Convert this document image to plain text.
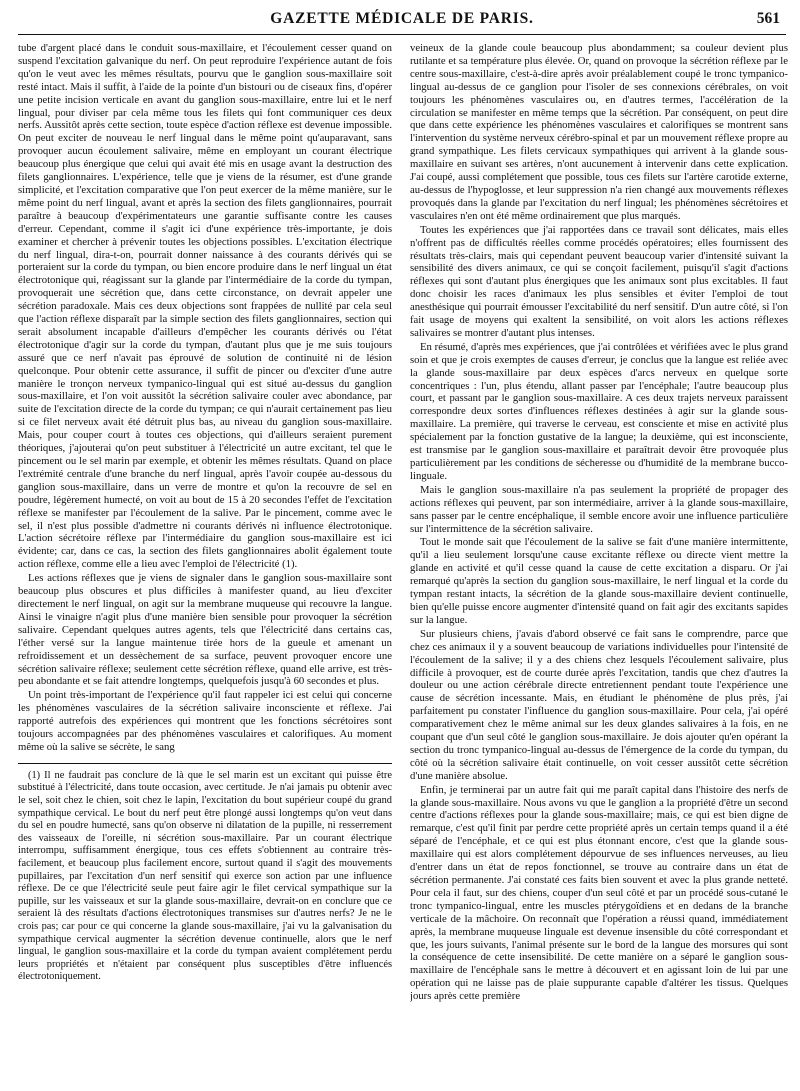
GAZETTE MÉDICALE DE PARIS.	561

tube d'argent placé dans le conduit sous-maxillaire, et l'écoulement cesser quand on suspend l'excitation galvanique du nerf. On peut reproduire l'expérience autant de fois qu'on le veut avec les mêmes résultats, pourvu que le ganglion sous-maxillaire soit resté intact. Mais il suffit, à l'aide de la pointe d'un bistouri ou de ciseaux fins, d'opérer une petite incision verticale en avant du ganglion sous-maxillaire, entre lui et le nerf lingual, pour diviser par cela même tous les filets qui font communiquer ces deux nerfs. Aussitôt après cette section, toute espèce d'action réflexe est devenue impossible. On peut exciter de nouveau le nerf lingual dans le même point qu'auparavant, sans provoquer aucun écoulement salivaire, même en employant un courant électrique beaucoup plus énergique que celui qui avait été mis en usage avant la destruction des filets ganglionnaires. L'expérience, telle que je viens de la résumer, est d'une grande simplicité, et l'excitation comparative que l'on peut exercer de la même manière, sur le même point du nerf lingual, avant et après la section des filets ganglionnaires, pourrait paraître à beaucoup d'expérimentateurs une garantie suffisante contre les causes d'erreur. Cependant, comme il s'agit ici d'une expérience très-importante, je dois examiner et chercher à prévenir toutes les objections possibles. L'excitation électrique du nerf lingual, dira-t-on, pourrait donner naissance à des courants dérivés qui se porteraient sur la corde du tympan, ou bien encore produire dans le nerf lingual un état électrotonique qui, réagissant sur la glande par l'intermédiaire de la corde du tympan, provoquerait une sécrétion que, dans cette circonstance, on devrait appeler une sécrétion paradoxale. Mais ces deux objections sont frappées de nullité par cela seul que l'action réflexe disparaît par la simple section des filets ganglionnaires, section qui serait absolument incapable d'ailleurs d'empêcher les courants dérivés ou l'état électrotonique d'agir sur la corde du tympan, d'autant plus que je me suis toujours assuré que ce nerf n'avait pas éprouvé de solution de continuité ni de lésion quelconque. Pour obtenir cette assurance, il suffit de pincer ou d'exciter d'une autre manière le tronçon nerveux tympanico-lingual qui est situé au-dessus du ganglion sous-maxillaire, et l'on voit aussitôt la sécrétion salivaire couler avec abondance, par suite de l'excitation directe de la corde du tympan; ce qui n'aurait certainement pas lieu si ce filet nerveux avait été détruit plus bas, au niveau du ganglion sous-maxillaire. Mais, pour couper court à toutes ces objections, qui d'ailleurs seraient purement théoriques, j'ajouterai qu'on peut substituer à l'électricité un autre excitant, tel que le pincement ou le sel marin par exemple, et obtenir les mêmes résultats. Quand on place l'extrémité centrale d'une branche du nerf lingual, après l'avoir coupée au-dessous du ganglion sous-maxillaire, dans un verre de montre et qu'on la recouvre de sel en poudre, légèrement humecté, on voit au bout de 15 à 20 secondes l'effet de l'excitation réflexe se manifester par l'écoulement de la salive. Par le pincement, comme avec le sel, il n'est plus possible d'admettre ni courants dérivés ni influence électrotonique. L'action sécrétoire réflexe par l'intermédiaire du ganglion sous-maxillaire est ici évidente; car, dans ce cas, la section des filets ganglionnaires abolit également toute action réflexe, comme elle a lieu avec l'emploi de l'électricité (1).

Les actions réflexes que je viens de signaler dans le ganglion sous-maxillaire sont beaucoup plus obscures et plus difficiles à manifester quand, au lieu d'exciter directement le nerf lingual, on agit sur la membrane muqueuse qui recouvre la langue. Ainsi le vinaigre n'agit plus d'une manière bien sensible pour provoquer la sécrétion salivaire. Cependant quelques autres agents, tels que l'électricité dans certains cas, l'éther versé sur la langue maintenue tirée hors de la gueule et amenant un refroidissement et un dessèchement de sa surface, peuvent provoquer encore une sécrétion salivaire réflexe; seulement cette sécrétion réflexe, quand elle arrive, est très-peu abondante et se fait attendre longtemps, quelquefois jusqu'à 60 secondes et plus.

Un point très-important de l'expérience qu'il faut rappeler ici est celui qui concerne les phénomènes vasculaires de la sécrétion salivaire inconsciente et réflexe. J'ai rapporté autrefois des expériences qui montrent que les fonctions sécrétoires sont toujours accompagnées par des phénomènes vasculaires et calorifiques. Au moment même où la salive se sécrète, le sang

(1) Il ne faudrait pas conclure de là que le sel marin est un excitant qui puisse être substitué à l'électricité, dans toute occasion, avec certitude. Je n'ai jamais pu obtenir avec le sel, soit chez le chien, soit chez le lapin, l'excitation du bout supérieur coupé du grand sympathique cervical. Le bout du nerf peut être plongé aussi longtemps qu'on veut dans du sel en poudre humecté, sans qu'on observe ni dilatation de la pupille, ni resserrement des vaisseaux de l'oreille, ni sécrétion sous-maxillaire. Par un courant électrique interrompu, suffisamment énergique, tous ces effets s'obtiennent au contraire très-facilement, et beaucoup plus facilement encore, surtout quand il s'agit des mouvements pupillaires, par l'excitation d'un nerf sensitif qui exerce son action par une influence réflexe. De ce que l'électricité seule peut faire agir le filet cervical sympathique sur la pupille, sur les vaisseaux et sur la glande sous-maxillaire, devrait-on en conclure que ce seraient là des résultats d'actions électrotoniques transmises sur d'autres nerfs? Je ne le crois pas; car pour ce qui concerne la glande sous-maxillaire, j'ai vu la galvanisation du sympathique cervical augmenter la sécrétion devenue continuelle, alors que le nerf lingual, le ganglion sous-maxillaire et la corde du tympan avaient complétement perdu leurs propriétés et n'étaient par conséquent plus susceptibles d'être influencés électrotoniquement.

veineux de la glande coule beaucoup plus abondamment; sa couleur devient plus rutilante et sa température plus élevée. Or, quand on provoque la sécrétion réflexe par le centre sous-maxillaire, c'est-à-dire après avoir préalablement coupé le tronc tympanico-lingual au-dessus de ce ganglion pour l'isoler de ses connexions cérébrales, on voit toujours les phénomènes vasculaires ou, en d'autres termes, l'accélération de la circulation se manifester en même temps que la sécrétion. Par conséquent, on peut dire que dans cette expérience les phénomènes vasculaires et calorifiques se montrent sans l'intervention du système nerveux cérébro-spinal et par un mouvement réflexe propre au grand sympathique. Les filets cervicaux sympathiques qui arrivent à la glande sous-maxillaire en suivant ses artères, n'ont aucunement à intervenir dans cette explication. J'ai coupé, aussi complétement que possible, tous ces filets sur l'artère carotide externe, au-dessus de l'hypoglosse, et leur suppression n'a rien changé aux mouvements réflexes provoqués dans la glande par l'excitation du nerf lingual; les phénomènes sécrétoires et vasculaires n'en ont été même ordinairement que plus marqués.

Toutes les expériences que j'ai rapportées dans ce travail sont délicates, mais elles n'offrent pas de difficultés réelles comme procédés opératoires; elles fournissent des résultats très-clairs, mais qui cependant peuvent beaucoup varier d'intensité suivant la sensibilité des divers animaux, ce qui se conçoit facilement, puisqu'il s'agit d'actions réflexes qui sont d'autant plus énergiques que les animaux sont plus excitables. Il faut donc choisir les races d'animaux les plus sensibles et éviter l'emploi de tout anesthésique qui pourrait émousser l'excitabilité du nerf sensitif. D'un autre côté, si l'on fait usage de moyens qui exaltent la sensibilité, on voit alors les actions réflexes salivaires se montrer d'autant plus intenses.

En résumé, d'après mes expériences, que j'ai contrôlées et vérifiées avec le plus grand soin et que je crois exemptes de causes d'erreur, je conclus que la langue est reliée avec la glande sous-maxillaire par deux espèces d'arcs nerveux en quelque sorte concentriques : l'un, plus étendu, allant passer par l'encéphale; l'autre beaucoup plus court, et passant par le ganglion sous-maxillaire. A ces deux trajets nerveux paraissent correspondre deux sortes d'influences réflexes destinées à agir sur la glande sous-maxillaire. La première, qui traverse le cerveau, est consciente et mise en activité plus spécialement par la fonction gustative de la langue; la deuxième, qui est inconsciente, est transmise par le ganglion sous-maxillaire et paraîtrait devoir être provoquée plus particulièrement par les conditions de sécheresse ou d'humidité de la membrane bucco-linguale.

Mais le ganglion sous-maxillaire n'a pas seulement la propriété de propager des actions réflexes qui peuvent, par son intermédiaire, arriver à la glande sous-maxillaire, sans passer par le centre encéphalique, il semble encore avoir une influence particulière sur l'intermittence de la sécrétion salivaire.

Tout le monde sait que l'écoulement de la salive se fait d'une manière intermittente, qu'il a lieu seulement lorsqu'une cause excitante réflexe ou directe vient mettre la glande en activité et qu'il cesse quand la cause de cette excitation a disparu. Or j'ai remarqué qu'après la section du ganglion sous-maxillaire, le nerf lingual et la corde du tympan restant intacts, la sécrétion de la glande sous-maxillaire devient continuelle, bien qu'elle puisse encore augmenter d'intensité quand on fait agir des excitants sapides sur la langue.

Sur plusieurs chiens, j'avais d'abord observé ce fait sans le comprendre, parce que chez ces animaux il y a souvent beaucoup de variations individuelles pour l'intensité de l'écoulement de la salive; il y a des chiens chez lesquels l'écoulement salivaire, plus difficile à provoquer, est de courte durée après l'excitation, tandis que chez d'autres la douleur ou une action cérébrale directe entretiennent pendant toute l'expérience une cause de sécrétion incessante. Mais, en étudiant le phénomène de plus près, j'ai parfaitement pu constater l'influence du ganglion sous-maxillaire. Pour cela, j'ai opéré comparativement chez le même animal sur les deux glandes salivaires à la fois, en ne coupant que d'un seul côté le ganglion sous-maxillaire. Je dois ajouter qu'en opérant la section du tronc tympanico-lingual au-dessus de l'émergence de la corde du tympan, du côté où la sécrétion salivaire était continuelle, on voit cesser aussitôt cette sécrétion d'une manière absolue.

Enfin, je terminerai par un autre fait qui me paraît capital dans l'histoire des nerfs de la glande sous-maxillaire. Nous avons vu que le ganglion a la propriété d'être un second centre d'actions réflexes pour la glande sous-maxillaire; mais, ce qui est bien digne de remarque, c'est qu'il finit par perdre cette propriété après un certain temps quand il a été séparé de l'encéphale, et ce qui est plus étonnant encore, c'est que la glande sous-maxillaire qui est alors complétement dépourvue de ses influences nerveuses, au lieu d'entrer dans un état de repos fonctionnel, se trouve au contraire dans un état de sécrétion permanente. J'ai constaté ces faits bien souvent et avec la plus grande netteté. Pour cela il faut, sur des chiens, couper d'un seul côté et par un procédé sous-cutané le tronc tympanico-lingual, entre les muscles ptérygoïdiens et en dedans de la branche verticale de la mâchoire. On reconnaît que l'opération a réussi quand, immédiatement après, la membrane muqueuse linguale est devenue insensible du côté correspondant et que, les jours suivants, l'animal présente sur le bord de la langue des morsures qui sont la conséquence de cette insensibilité. De cette manière on a séparé le ganglion sous-maxillaire de l'encéphale sans le mettre à découvert et en agissant loin de lui par une opération qui ne laisse pas de plaie suppurante capable d'altérer les tissus. Quelques jours après cette première
